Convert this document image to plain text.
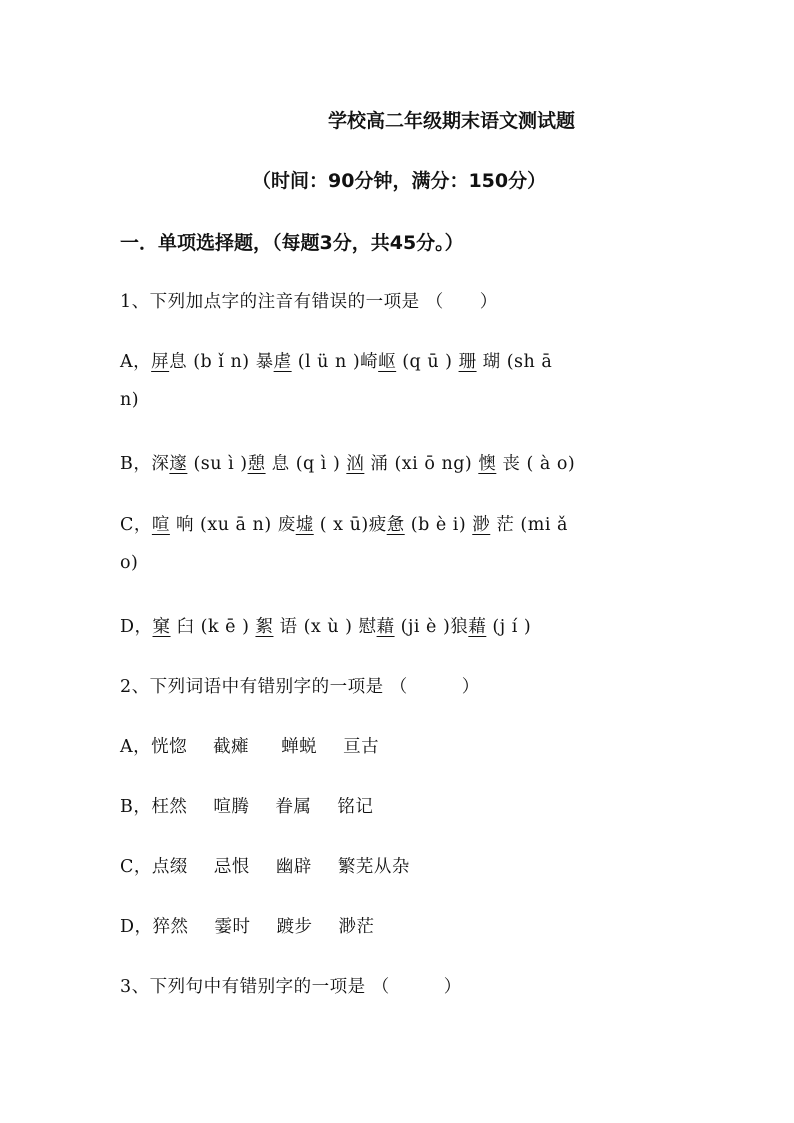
学校高二年级期末语文测试题
（时间：90分钟，满分：150分）
一．单项选择题，（每题3分，共45分。）
1、下列加点字的注音有错误的一项是 （　　）
A，屏息 (b ǐ n) 暴虐 (l ü n )崎岖 (q ū ) 珊 瑚 (sh ā
n)
B，深邃 (su ì )憩 息 (q ì ) 汹 涌 (xi ō ng) 懊 丧 ( à o)
C，喧 响 (xu ā n) 废墟 ( x ū)疲惫 (b è i) 渺 茫 (mi ǎ
o)
D，窠 臼 (k ē ) 絮 语 (x ù ) 慰藉 (ji è )狼藉 (j í )
2、下列词语中有错别字的一项是 （　　　）
A，恍惚 截瘫 蝉蜕 亘古
B，枉然 喧腾 眷属 铭记
C，点缀 忌恨 幽辟 繁芜从杂
D，猝然 霎时 踱步 渺茫
3、下列句中有错别字的一项是 （　　　）
